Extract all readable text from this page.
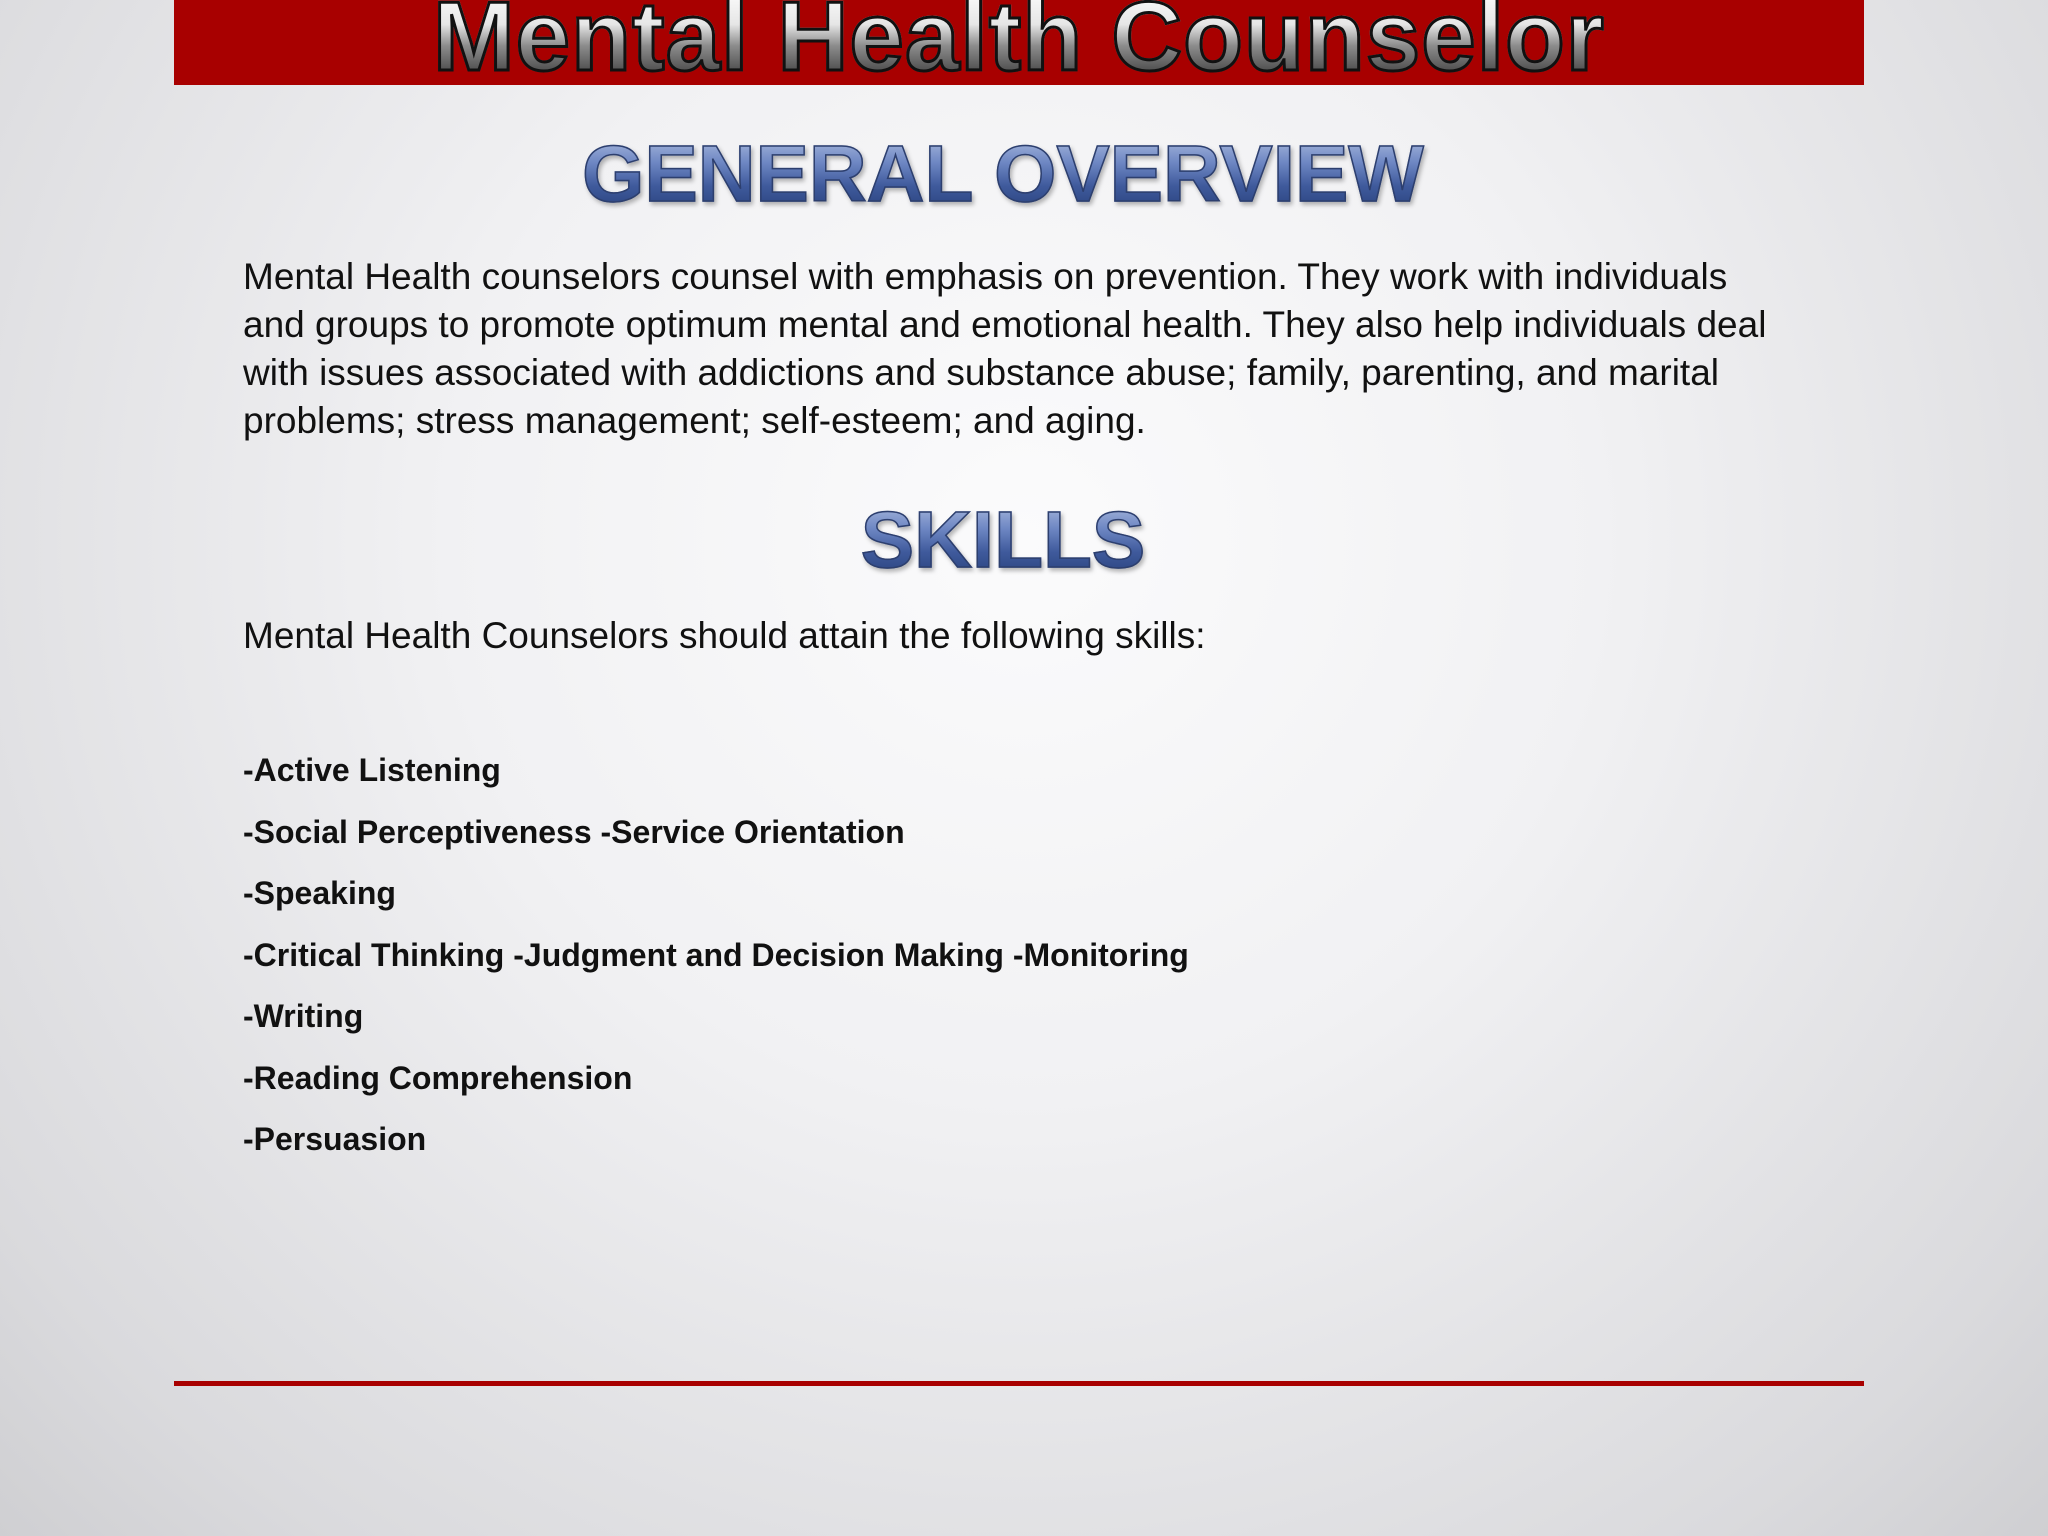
Mental Health Counselor
GENERAL OVERVIEW

Mental Health counselors counsel with emphasis on prevention. They work with individuals and groups to promote optimum mental and emotional health. They also help individuals deal with issues associated with addictions and substance abuse; family, parenting, and marital problems; stress management; self-esteem; and aging.

SKILLS

Mental Health Counselors should attain the following skills:

-Active Listening
-Social Perceptiveness -Service Orientation
-Speaking
-Critical Thinking -Judgment and Decision Making -Monitoring
-Writing
-Reading Comprehension
-Persuasion
